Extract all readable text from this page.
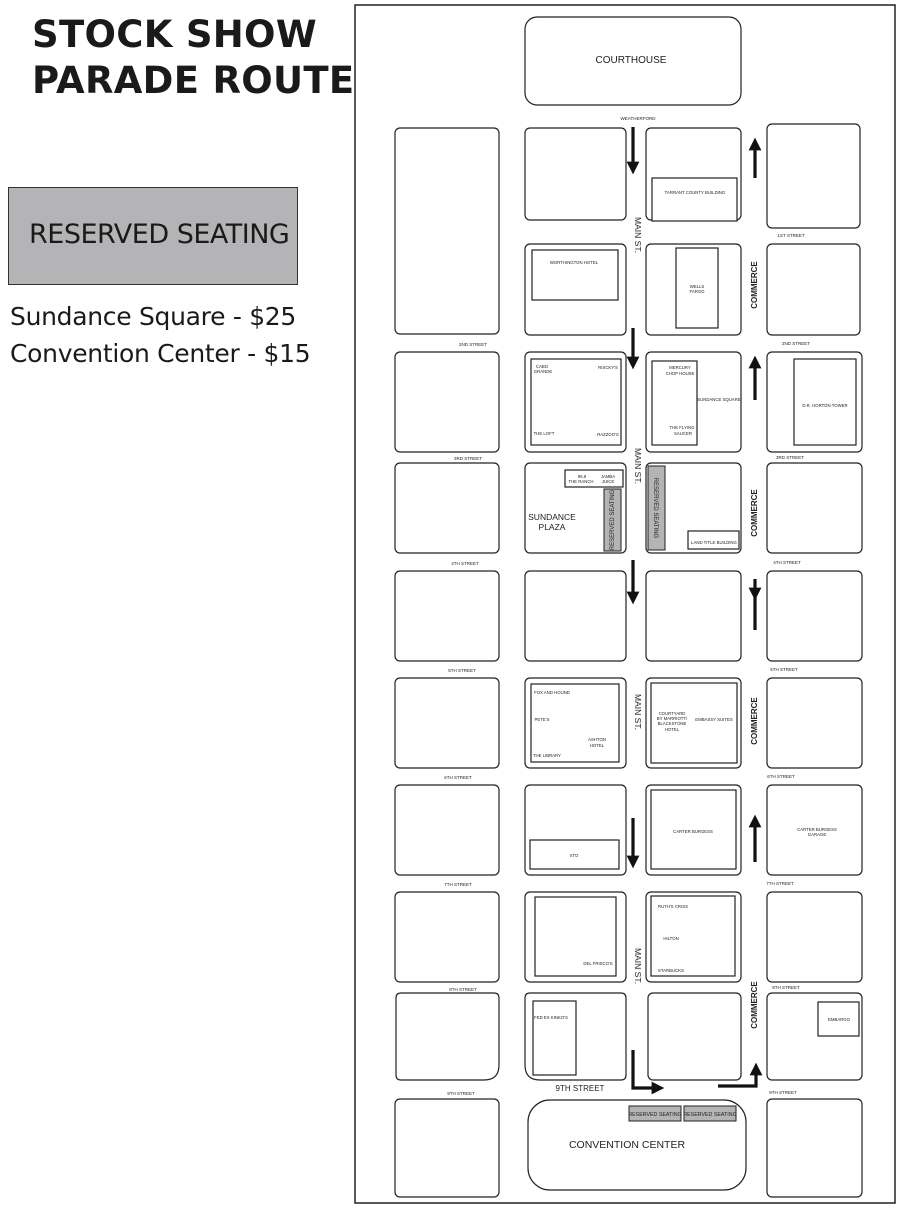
STOCK SHOW
PARADE ROUTE
RESERVED SEATING
Sundance Square - $25
Convention Center - $15
COURTHOUSE
CONVENTION CENTER
SUNDANCE
PLAZA
WEATHERFORD
1ST STREET
2ND STREET	2ND STREET
3RD STREET	3RD STREET
4TH STREET	4TH STREET
5TH STREET	5TH STREET
6TH STREET	6TH STREET
7TH STREET	7TH STREET
8TH STREET	8TH STREET
9TH STREET	9TH STREET
9TH STREET
MAIN ST.
MAIN ST.
MAIN ST.
MAIN ST.
COMMERCE
COMMERCE
COMMERCE
COMMERCE
TARRANT COUNTY BUILDING
WORTHINGTON HOTEL
WELLS
FARGO
CABO
GRANDE
RISCKY'S
THE LOFT	RAZZOO'S
MERCURY
CHOP HOUSE
SUNDANCE SQUARE
THE FLYING
SAUCER
D.R. HORTON TOWER
95.9
THE RANCH
JAMBA
JUICE
LAND TITLE BUILDING
FOX AND HOUND
PETE'S
ASHTON
HOTEL
THE LIBRARY
COURTYARD
BY MARRIOTT/
BLACKSTONE
HOTEL
EMBASSY SUITES
CARTER BURGESS	CARTER BURGESS
GARAGE
XTO
RUTH'S CRISS
HILTON
STARBUCKS
DEL FRISCO'S
FED EX KINKO'S	EMBARGO
RESERVED SEATING	RESERVED SEATING
RESERVED SEATING RESERVED SEATING
